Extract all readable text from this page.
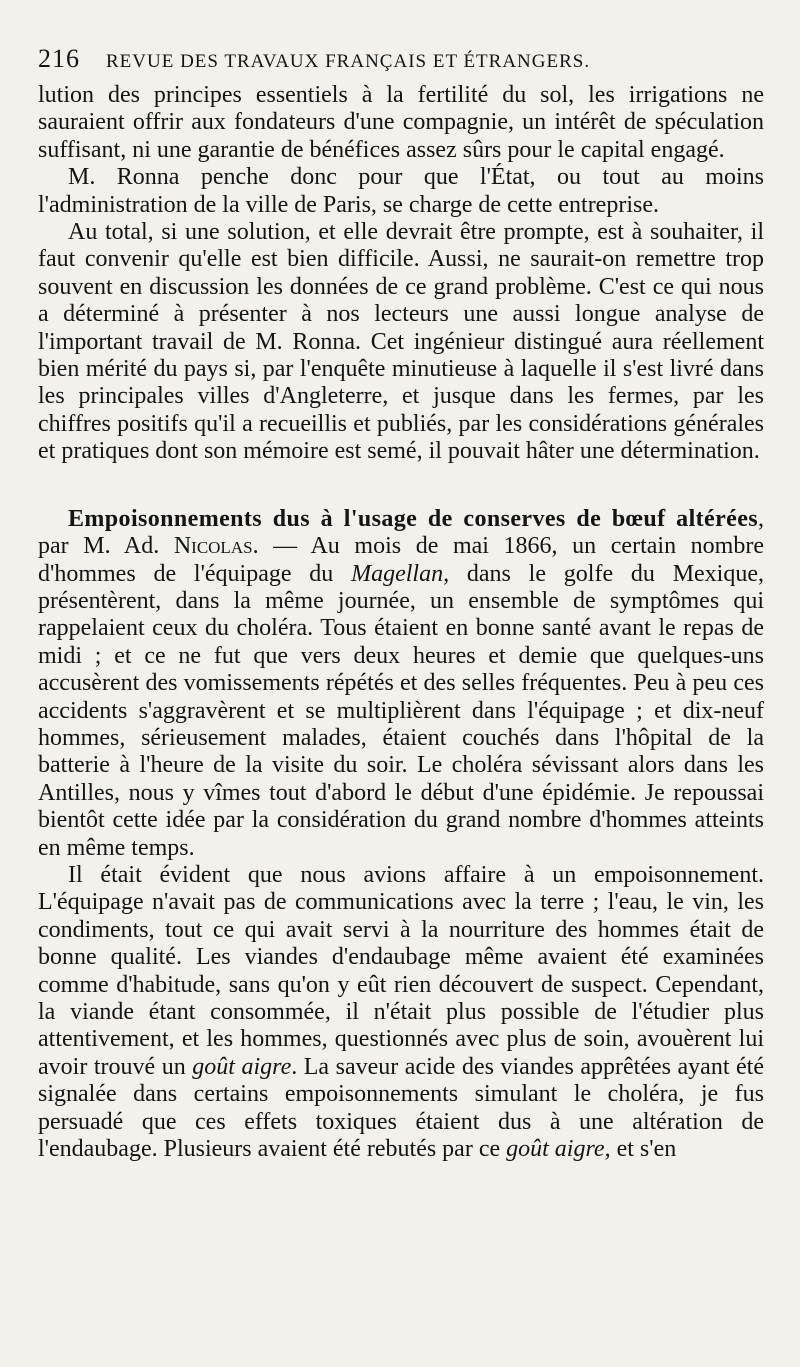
216 REVUE DES TRAVAUX FRANÇAIS ET ÉTRANGERS.

lution des principes essentiels à la fertilité du sol, les irrigations ne sauraient offrir aux fondateurs d'une compagnie, un intérêt de spéculation suffisant, ni une garantie de bénéfices assez sûrs pour le capital engagé.

M. Ronna penche donc pour que l'État, ou tout au moins l'administration de la ville de Paris, se charge de cette entreprise.

Au total, si une solution, et elle devrait être prompte, est à souhaiter, il faut convenir qu'elle est bien difficile. Aussi, ne saurait-on remettre trop souvent en discussion les données de ce grand problème. C'est ce qui nous a déterminé à présenter à nos lecteurs une aussi longue analyse de l'important travail de M. Ronna. Cet ingénieur distingué aura réellement bien mérité du pays si, par l'enquête minutieuse à laquelle il s'est livré dans les principales villes d'Angleterre, et jusque dans les fermes, par les chiffres positifs qu'il a recueillis et publiés, par les considérations générales et pratiques dont son mémoire est semé, il pouvait hâter une détermination.

Empoisonnements dus à l'usage de conserves de bœuf altérées, par M. Ad. Nicolas. — Au mois de mai 1866, un certain nombre d'hommes de l'équipage du Magellan, dans le golfe du Mexique, présentèrent, dans la même journée, un ensemble de symptômes qui rappelaient ceux du choléra. Tous étaient en bonne santé avant le repas de midi ; et ce ne fut que vers deux heures et demie que quelques-uns accusèrent des vomissements répétés et des selles fréquentes. Peu à peu ces accidents s'aggravèrent et se multiplièrent dans l'équipage ; et dix-neuf hommes, sérieusement malades, étaient couchés dans l'hôpital de la batterie à l'heure de la visite du soir. Le choléra sévissant alors dans les Antilles, nous y vîmes tout d'abord le début d'une épidémie. Je repoussai bientôt cette idée par la considération du grand nombre d'hommes atteints en même temps.

Il était évident que nous avions affaire à un empoisonnement. L'équipage n'avait pas de communications avec la terre ; l'eau, le vin, les condiments, tout ce qui avait servi à la nourriture des hommes était de bonne qualité. Les viandes d'endaubage même avaient été examinées comme d'habitude, sans qu'on y eût rien découvert de suspect. Cependant, la viande étant consommée, il n'était plus possible de l'étudier plus attentivement, et les hommes, questionnés avec plus de soin, avouèrent lui avoir trouvé un goût aigre. La saveur acide des viandes apprêtées ayant été signalée dans certains empoisonnements simulant le choléra, je fus persuadé que ces effets toxiques étaient dus à une altération de l'endaubage. Plusieurs avaient été rebutés par ce goût aigre, et s'en
